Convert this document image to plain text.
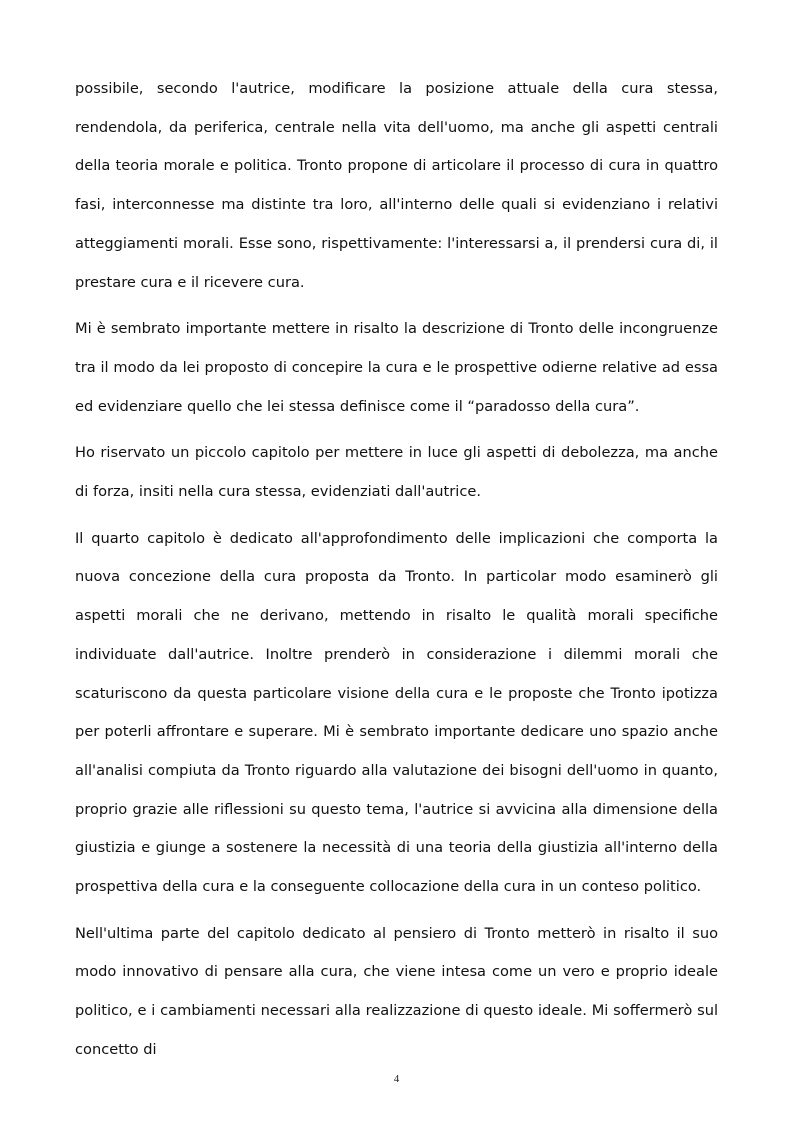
possibile, secondo l'autrice, modificare la posizione attuale della cura stessa, rendendola, da periferica, centrale nella vita dell'uomo, ma anche gli aspetti centrali della teoria morale e politica. Tronto propone di articolare il processo di cura in quattro fasi, interconnesse ma distinte tra loro, all'interno delle quali si evidenziano i relativi atteggiamenti morali. Esse sono, rispettivamente: l'interessarsi a, il prendersi cura di, il prestare cura e il ricevere cura.

Mi è sembrato importante mettere in risalto la descrizione di Tronto delle incongruenze tra il modo da lei proposto di concepire la cura e le prospettive odierne relative ad essa ed evidenziare quello che lei stessa definisce come il “paradosso della cura”.

Ho riservato un piccolo capitolo per mettere in luce gli aspetti di debolezza, ma anche di forza, insiti nella cura stessa, evidenziati dall'autrice.

Il quarto capitolo è dedicato all'approfondimento delle implicazioni che comporta la nuova concezione della cura proposta da Tronto. In particolar modo esaminerò gli aspetti morali che ne derivano, mettendo in risalto le qualità morali specifiche individuate dall'autrice. Inoltre prenderò in considerazione i dilemmi morali che scaturiscono da questa particolare visione della cura e le proposte che Tronto ipotizza per poterli affrontare e superare. Mi è sembrato importante dedicare uno spazio anche all'analisi compiuta da Tronto riguardo alla valutazione dei bisogni dell'uomo in quanto, proprio grazie alle riflessioni su questo tema, l'autrice si avvicina alla dimensione della giustizia e giunge a sostenere la necessità di una teoria della giustizia all'interno della prospettiva della cura e la conseguente collocazione della cura in un conteso politico.

Nell'ultima parte del capitolo dedicato al pensiero di Tronto metterò in risalto il suo modo innovativo di pensare alla cura, che viene intesa come un vero e proprio ideale politico, e i cambiamenti necessari alla realizzazione di questo ideale. Mi soffermerò sul concetto di

4
